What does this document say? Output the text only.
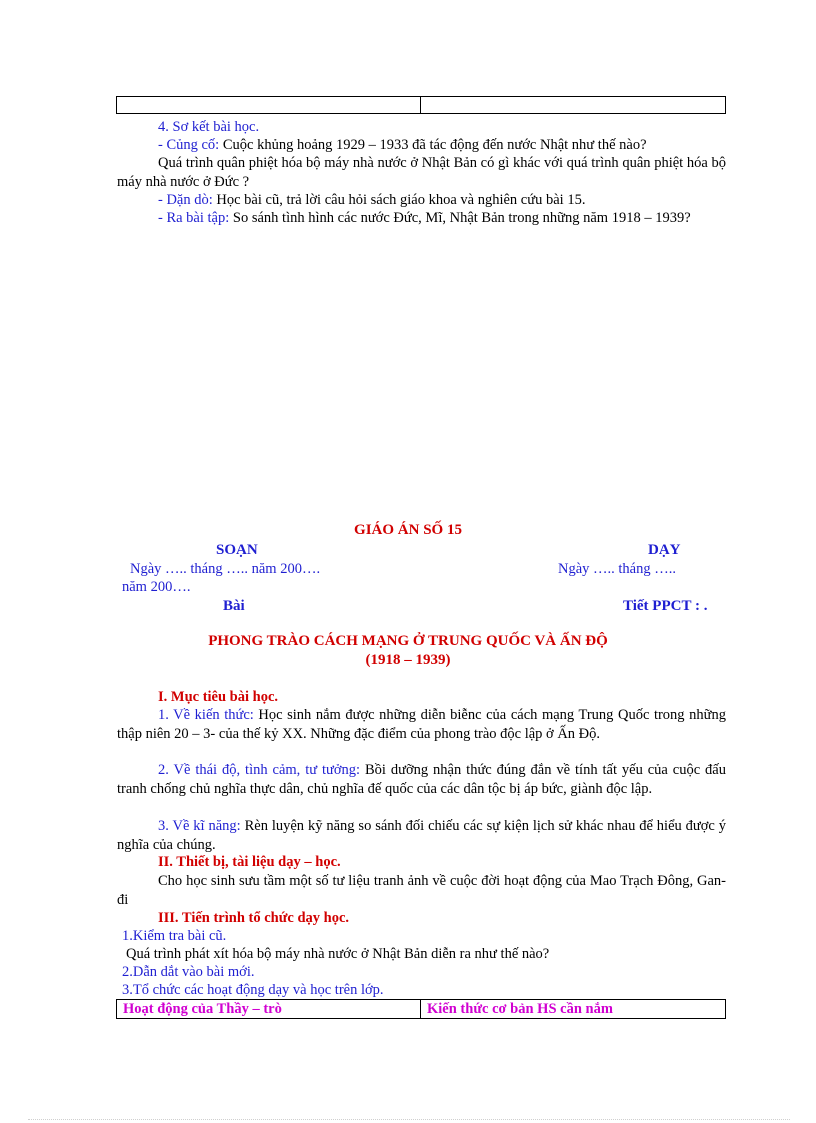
4. Sơ kết bài học.
- Củng cố: Cuộc khủng hoảng 1929 – 1933 đã tác động đến nước Nhật như thế nào?
Quá trình quân phiệt hóa bộ máy nhà nước ở Nhật Bản có gì khác với quá trình quân phiệt hóa bộ máy nhà nước ở Đức ?
- Dặn dò: Học bài cũ, trả lời câu hỏi sách giáo khoa và nghiên cứu bài 15.
- Ra bài tập: So sánh tình hình các nước Đức, Mĩ, Nhật Bản trong những năm 1918 – 1939?
GIÁO ÁN SỐ 15
SOẠN	DẠY
Ngày ….. tháng ….. năm 200….	Ngày ….. tháng …..
năm 200….
Bài	Tiết PPCT : .
PHONG TRÀO CÁCH MẠNG Ở TRUNG QUỐC VÀ ẤN ĐỘ
(1918 – 1939)
I. Mục tiêu bài học.
1. Về kiến thức: Học sinh nắm được những diễn biễnc của cách mạng Trung Quốc trong những thập niên 20 – 3- của thế kỷ XX. Những đặc điểm của phong trào độc lập ở Ấn Độ.
2. Về thái độ, tình cảm, tư tưởng: Bồi dưỡng nhận thức đúng đắn về tính tất yếu của cuộc đấu tranh chống chủ nghĩa thực dân, chủ nghĩa đế quốc của các dân tộc bị áp bức, giành độc lập.
3. Về kĩ năng: Rèn luyện kỹ năng so sánh đối chiếu các sự kiện lịch sử khác nhau để hiểu được ý nghĩa của chúng.
II. Thiết bị, tài liệu dạy – học.
Cho học sinh sưu tầm một số tư liệu tranh ảnh về cuộc đời hoạt động của Mao Trạch Đông, Gan-đi
III. Tiến trình tổ chức dạy học.
1.Kiểm tra bài cũ.
Quá trình phát xít hóa bộ máy nhà nước ở Nhật Bản diễn ra như thế nào?
2.Dẫn dắt vào bài mới.
3.Tổ chức các hoạt động dạy và học trên lớp.
Hoạt động của Thầy – trò	Kiến thức cơ bản HS cần nắm
